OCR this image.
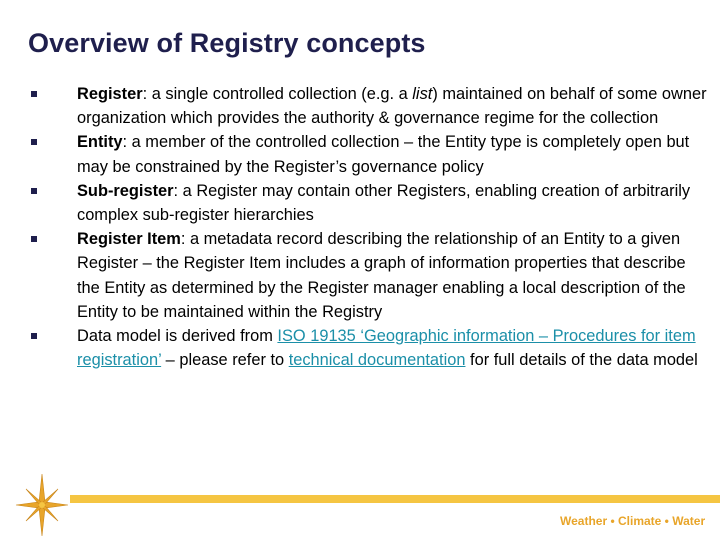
Overview of Registry concepts
Register: a single controlled collection (e.g. a list) maintained on behalf of some owner organization which provides the authority & governance regime for the collection
Entity: a member of the controlled collection – the Entity type is completely open but may be constrained by the Register’s governance policy
Sub-register: a Register may contain other Registers, enabling creation of arbitrarily complex sub-register hierarchies
Register Item: a metadata record describing the relationship of an Entity to a given Register – the Register Item includes a graph of information properties that describe the Entity as determined by the Register manager enabling a local description of the Entity to be maintained within the Registry
Data model is derived from ISO 19135 ‘Geographic information – Procedures for item registration’ – please refer to technical documentation for full details of the data model
Weather • Climate • Water
